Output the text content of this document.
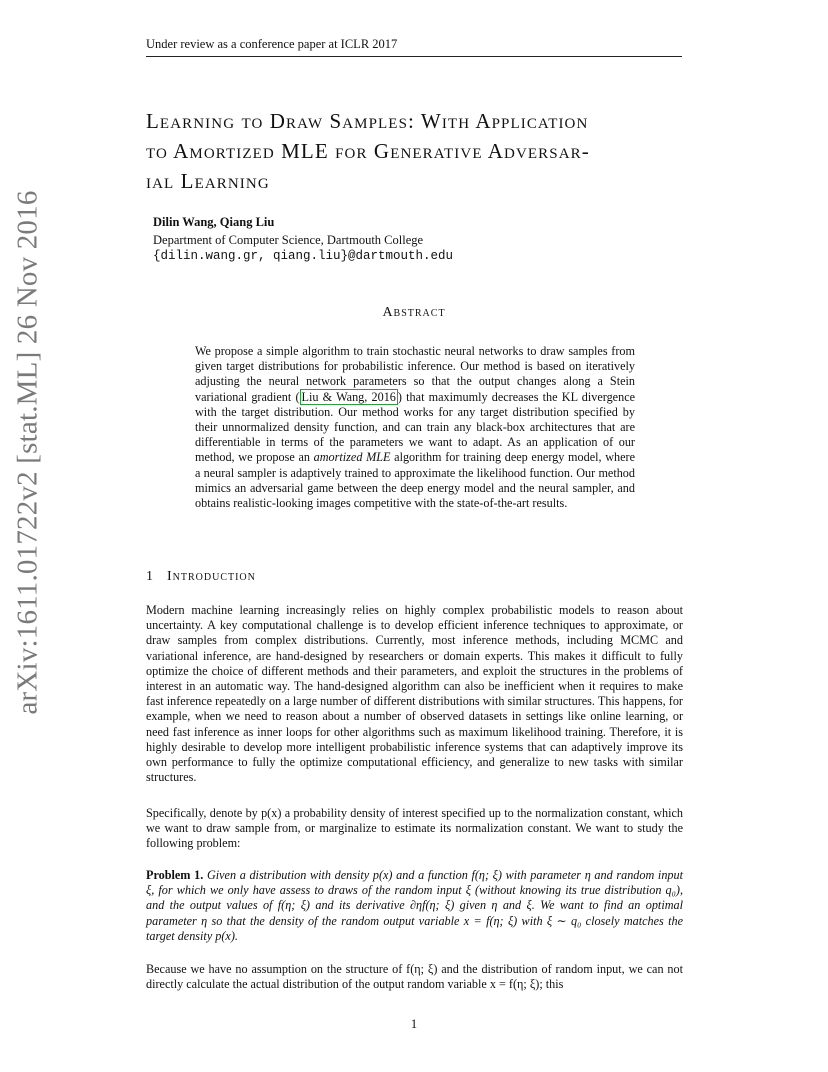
Under review as a conference paper at ICLR 2017
arXiv:1611.01722v2 [stat.ML] 26 Nov 2016
Learning to Draw Samples: With Application
to Amortized MLE for Generative Adversar-
ial Learning
Dilin Wang, Qiang Liu
Department of Computer Science, Dartmouth College
{dilin.wang.gr, qiang.liu}@dartmouth.edu
Abstract
We propose a simple algorithm to train stochastic neural networks to draw samples from given target distributions for probabilistic inference. Our method is based on iteratively adjusting the neural network parameters so that the output changes along a Stein variational gradient ( Liu & Wang, 2016 ) that maximumly decreases the KL divergence with the target distribution. Our method works for any target distribution specified by their unnormalized density function, and can train any black-box architectures that are differentiable in terms of the parameters we want to adapt. As an application of our method, we propose an amortized MLE algorithm for training deep energy model, where a neural sampler is adaptively trained to approximate the likelihood function. Our method mimics an adversarial game between the deep energy model and the neural sampler, and obtains realistic-looking images competitive with the state-of-the-art results.
1 Introduction
Modern machine learning increasingly relies on highly complex probabilistic models to reason about uncertainty. A key computational challenge is to develop efficient inference techniques to approximate, or draw samples from complex distributions. Currently, most inference methods, including MCMC and variational inference, are hand-designed by researchers or domain experts. This makes it difficult to fully optimize the choice of different methods and their parameters, and exploit the structures in the problems of interest in an automatic way. The hand-designed algorithm can also be inefficient when it requires to make fast inference repeatedly on a large number of different distributions with similar structures. This happens, for example, when we need to reason about a number of observed datasets in settings like online learning, or need fast inference as inner loops for other algorithms such as maximum likelihood training. Therefore, it is highly desirable to develop more intelligent probabilistic inference systems that can adaptively improve its own performance to fully the optimize computational efficiency, and generalize to new tasks with similar structures.
Specifically, denote by p(x) a probability density of interest specified up to the normalization constant, which we want to draw sample from, or marginalize to estimate its normalization constant. We want to study the following problem:
Problem 1. Given a distribution with density p(x) and a function f(η; ξ) with parameter η and random input ξ, for which we only have assess to draws of the random input ξ (without knowing its true distribution q₀), and the output values of f(η; ξ) and its derivative ∂ηf(η; ξ) given η and ξ. We want to find an optimal parameter η so that the density of the random output variable x = f(η; ξ) with ξ ∼ q₀ closely matches the target density p(x).
Because we have no assumption on the structure of f(η; ξ) and the distribution of random input, we can not directly calculate the actual distribution of the output random variable x = f(η; ξ); this
1
